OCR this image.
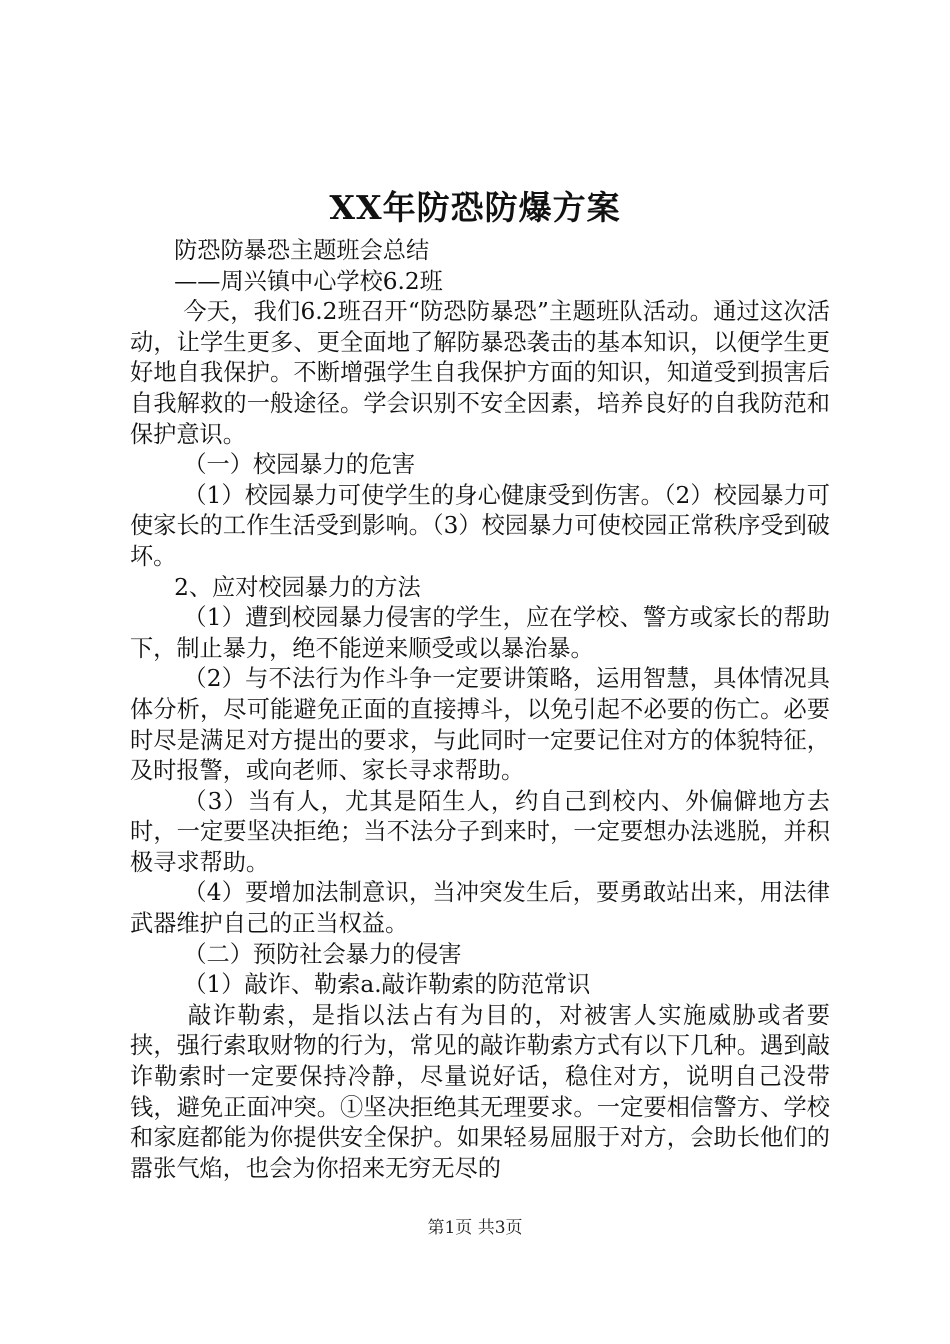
XX年防恐防爆方案

防恐防暴恐主题班会总结

——周兴镇中心学校6.2班

今天，我们6.2班召开“防恐防暴恐”主题班队活动。通过这次活动，让学生更多、更全面地了解防暴恐袭击的基本知识，以便学生更好地自我保护。不断增强学生自我保护方面的知识，知道受到损害后自我解救的一般途径。学会识别不安全因素，培养良好的自我防范和保护意识。

（一）校园暴力的危害

（1）校园暴力可使学生的身心健康受到伤害。（2）校园暴力可使家长的工作生活受到影响。（3）校园暴力可使校园正常秩序受到破坏。

2、应对校园暴力的方法

（1）遭到校园暴力侵害的学生，应在学校、警方或家长的帮助下，制止暴力，绝不能逆来顺受或以暴治暴。

（2）与不法行为作斗争一定要讲策略，运用智慧，具体情况具体分析，尽可能避免正面的直接搏斗，以免引起不必要的伤亡。必要时尽是满足对方提出的要求，与此同时一定要记住对方的体貌特征，及时报警，或向老师、家长寻求帮助。

（3）当有人，尤其是陌生人，约自己到校内、外偏僻地方去时，一定要坚决拒绝；当不法分子到来时，一定要想办法逃脱，并积极寻求帮助。

（4）要增加法制意识，当冲突发生后，要勇敢站出来，用法律武器维护自己的正当权益。

（二）预防社会暴力的侵害

（1）敲诈、勒索a.敲诈勒索的防范常识

敲诈勒索，是指以法占有为目的，对被害人实施威胁或者要挟，强行索取财物的行为，常见的敲诈勒索方式有以下几种。遇到敲诈勒索时一定要保持冷静，尽量说好话，稳住对方，说明自己没带钱，避免正面冲突。①坚决拒绝其无理要求。一定要相信警方、学校和家庭都能为你提供安全保护。如果轻易屈服于对方，会助长他们的嚣张气焰，也会为你招来无穷无尽的

第1页 共3页
